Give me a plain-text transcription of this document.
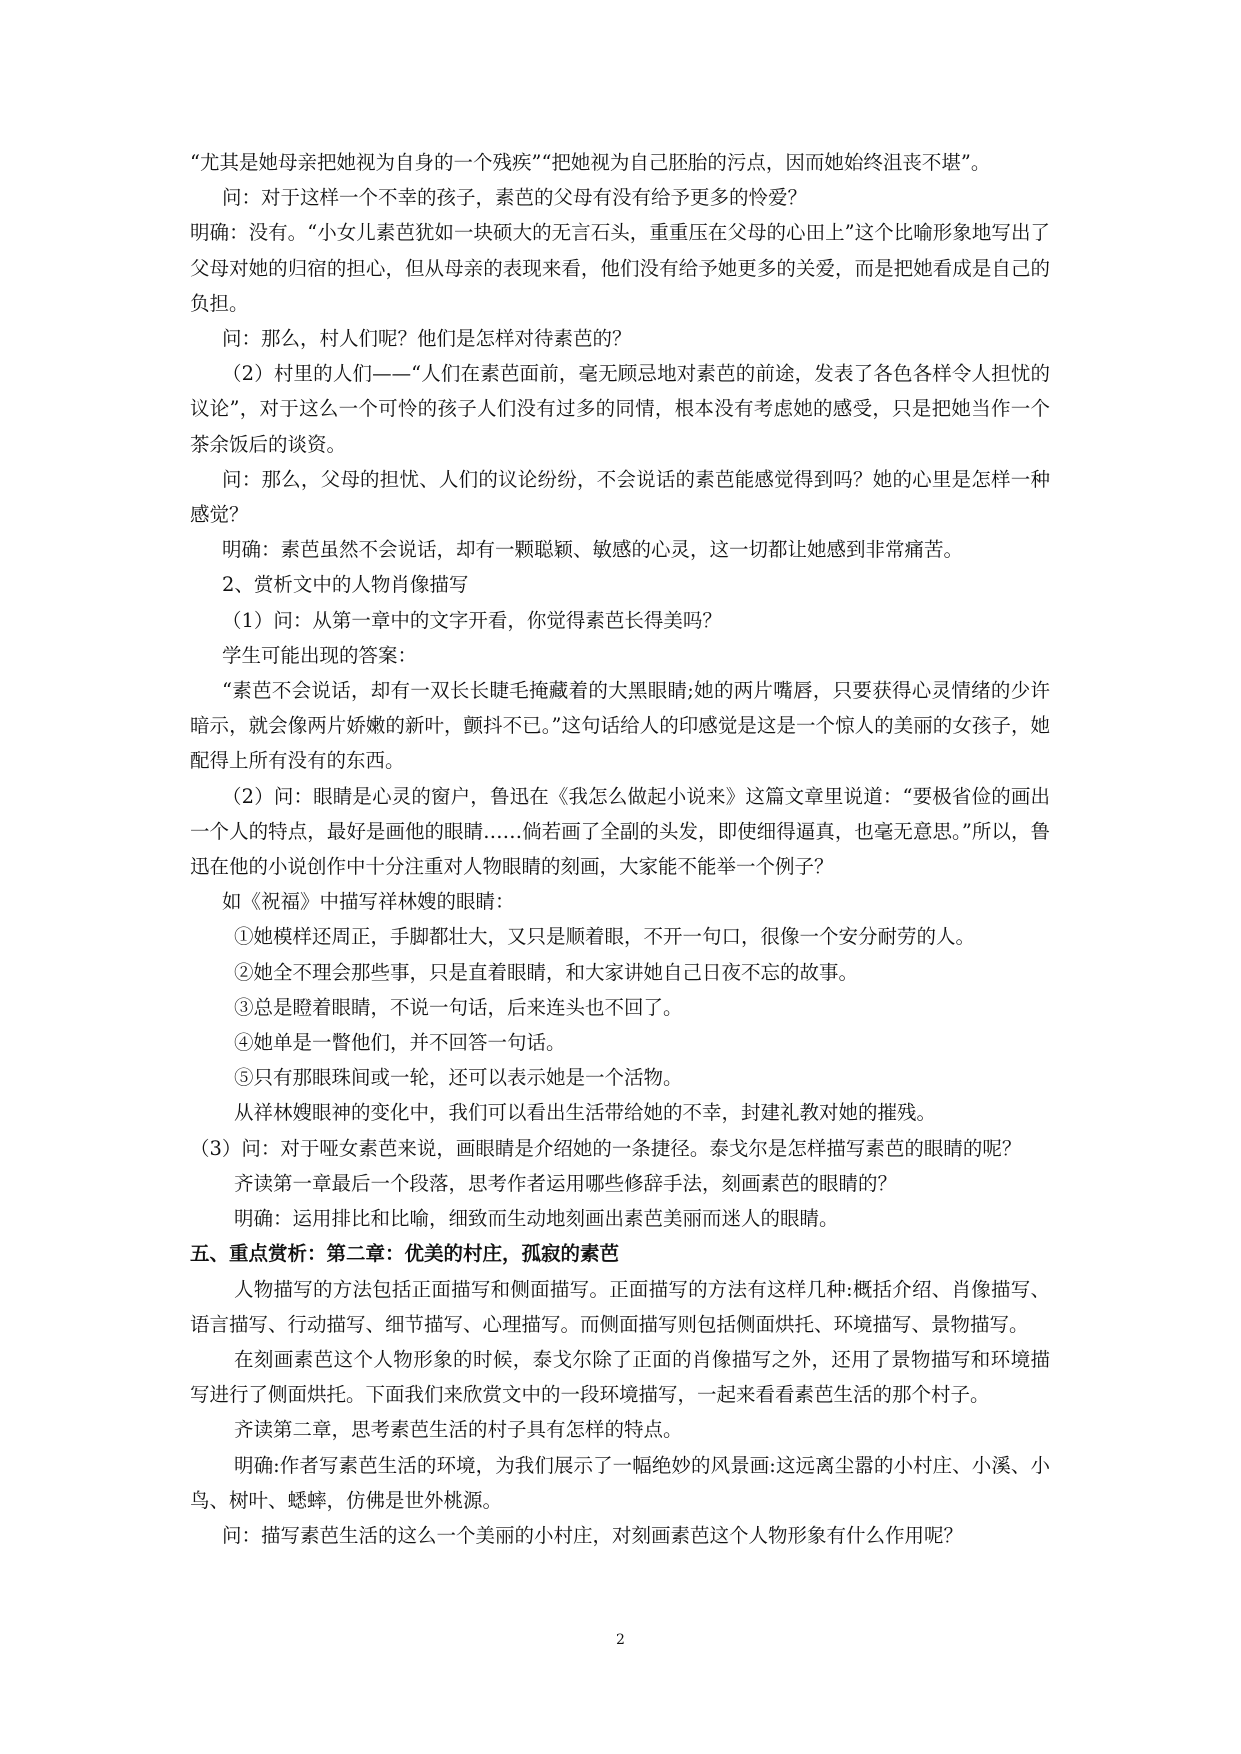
“尤其是她母亲把她视为自身的一个残疾”“把她视为自己胚胎的污点，因而她始终沮丧不堪”。

问：对于这样一个不幸的孩子，素芭的父母有没有给予更多的怜爱？

明确：没有。“小女儿素芭犹如一块硕大的无言石头，重重压在父母的心田上”这个比喻形象地写出了父母对她的归宿的担心，但从母亲的表现来看，他们没有给予她更多的关爱，而是把她看成是自己的负担。

问：那么，村人们呢？他们是怎样对待素芭的？

（2）村里的人们——“人们在素芭面前，毫无顾忌地对素芭的前途，发表了各色各样令人担忧的议论”，对于这么一个可怜的孩子人们没有过多的同情，根本没有考虑她的感受，只是把她当作一个茶余饭后的谈资。

问：那么，父母的担忧、人们的议论纷纷，不会说话的素芭能感觉得到吗？她的心里是怎样一种感觉？

明确：素芭虽然不会说话，却有一颗聪颖、敏感的心灵，这一切都让她感到非常痛苦。

2、赏析文中的人物肖像描写

（1）问：从第一章中的文字开看，你觉得素芭长得美吗？

学生可能出现的答案：

“素芭不会说话，却有一双长长睫毛掩藏着的大黑眼睛;她的两片嘴唇，只要获得心灵情绪的少许暗示，就会像两片娇嫩的新叶，颤抖不已。”这句话给人的印感觉是这是一个惊人的美丽的女孩子，她配得上所有没有的东西。

（2）问：眼睛是心灵的窗户，鲁迅在《我怎么做起小说来》这篇文章里说道：“要极省俭的画出一个人的特点，最好是画他的眼睛……倘若画了全副的头发，即使细得逼真，也毫无意思。”所以，鲁迅在他的小说创作中十分注重对人物眼睛的刻画，大家能不能举一个例子？

如《祝福》中描写祥林嫂的眼睛：

①她模样还周正，手脚都壮大，又只是顺着眼，不开一句口，很像一个安分耐劳的人。

②她全不理会那些事，只是直着眼睛，和大家讲她自己日夜不忘的故事。

③总是瞪着眼睛，不说一句话，后来连头也不回了。

④她单是一瞥他们，并不回答一句话。

⑤只有那眼珠间或一轮，还可以表示她是一个活物。

从祥林嫂眼神的变化中，我们可以看出生活带给她的不幸，封建礼教对她的摧残。

（3）问：对于哑女素芭来说，画眼睛是介绍她的一条捷径。泰戈尔是怎样描写素芭的眼睛的呢？

齐读第一章最后一个段落，思考作者运用哪些修辞手法，刻画素芭的眼睛的？

明确：运用排比和比喻，细致而生动地刻画出素芭美丽而迷人的眼睛。

五、重点赏析：第二章：优美的村庄，孤寂的素芭

人物描写的方法包括正面描写和侧面描写。正面描写的方法有这样几种:概括介绍、肖像描写、语言描写、行动描写、细节描写、心理描写。而侧面描写则包括侧面烘托、环境描写、景物描写。

在刻画素芭这个人物形象的时候，泰戈尔除了正面的肖像描写之外，还用了景物描写和环境描写进行了侧面烘托。下面我们来欣赏文中的一段环境描写，一起来看看素芭生活的那个村子。

齐读第二章，思考素芭生活的村子具有怎样的特点。

明确:作者写素芭生活的环境，为我们展示了一幅绝妙的风景画:这远离尘嚣的小村庄、小溪、小鸟、树叶、蟋蟀，仿佛是世外桃源。

问：描写素芭生活的这么一个美丽的小村庄，对刻画素芭这个人物形象有什么作用呢？

2
